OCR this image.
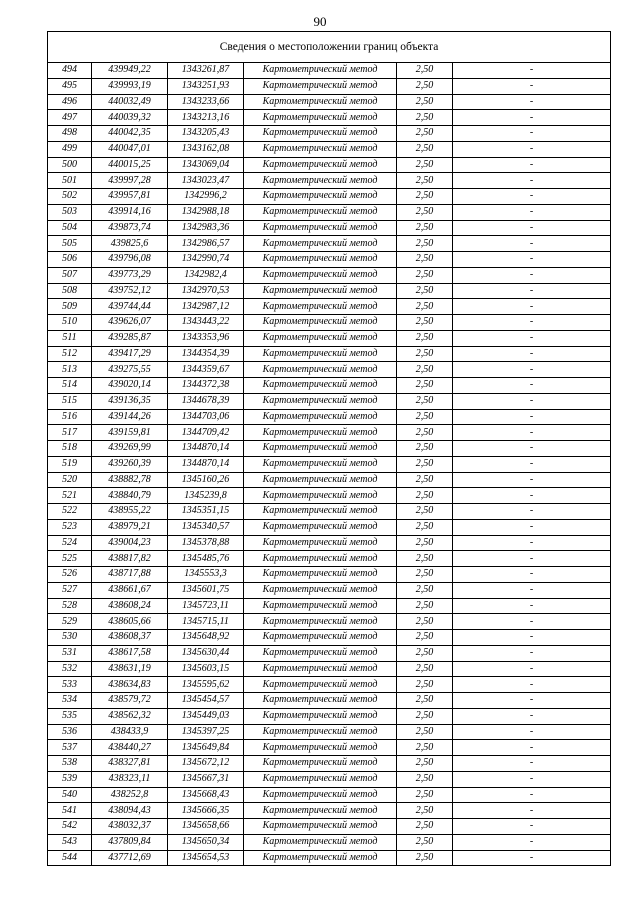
90
Сведения о местоположении границ объекта					
494	439949,22	1343261,87	Картометрический метод	2,50	-
495	439993,19	1343251,93	Картометрический метод	2,50	-
496	440032,49	1343233,66	Картометрический метод	2,50	-
497	440039,32	1343213,16	Картометрический метод	2,50	-
498	440042,35	1343205,43	Картометрический метод	2,50	-
499	440047,01	1343162,08	Картометрический метод	2,50	-
500	440015,25	1343069,04	Картометрический метод	2,50	-
501	439997,28	1343023,47	Картометрический метод	2,50	-
502	439957,81	1342996,2	Картометрический метод	2,50	-
503	439914,16	1342988,18	Картометрический метод	2,50	-
504	439873,74	1342983,36	Картометрический метод	2,50	-
505	439825,6	1342986,57	Картометрический метод	2,50	-
506	439796,08	1342990,74	Картометрический метод	2,50	-
507	439773,29	1342982,4	Картометрический метод	2,50	-
508	439752,12	1342970,53	Картометрический метод	2,50	-
509	439744,44	1342987,12	Картометрический метод	2,50	-
510	439626,07	1343443,22	Картометрический метод	2,50	-
511	439285,87	1343353,96	Картометрический метод	2,50	-
512	439417,29	1344354,39	Картометрический метод	2,50	-
513	439275,55	1344359,67	Картометрический метод	2,50	-
514	439020,14	1344372,38	Картометрический метод	2,50	-
515	439136,35	1344678,39	Картометрический метод	2,50	-
516	439144,26	1344703,06	Картометрический метод	2,50	-
517	439159,81	1344709,42	Картометрический метод	2,50	-
518	439269,99	1344870,14	Картометрический метод	2,50	-
519	439260,39	1344870,14	Картометрический метод	2,50	-
520	438882,78	1345160,26	Картометрический метод	2,50	-
521	438840,79	1345239,8	Картометрический метод	2,50	-
522	438955,22	1345351,15	Картометрический метод	2,50	-
523	438979,21	1345340,57	Картометрический метод	2,50	-
524	439004,23	1345378,88	Картометрический метод	2,50	-
525	438817,82	1345485,76	Картометрический метод	2,50	-
526	438717,88	1345553,3	Картометрический метод	2,50	-
527	438661,67	1345601,75	Картометрический метод	2,50	-
528	438608,24	1345723,11	Картометрический метод	2,50	-
529	438605,66	1345715,11	Картометрический метод	2,50	-
530	438608,37	1345648,92	Картометрический метод	2,50	-
531	438617,58	1345630,44	Картометрический метод	2,50	-
532	438631,19	1345603,15	Картометрический метод	2,50	-
533	438634,83	1345595,62	Картометрический метод	2,50	-
534	438579,72	1345454,57	Картометрический метод	2,50	-
535	438562,32	1345449,03	Картометрический метод	2,50	-
536	438433,9	1345397,25	Картометрический метод	2,50	-
537	438440,27	1345649,84	Картометрический метод	2,50	-
538	438327,81	1345672,12	Картометрический метод	2,50	-
539	438323,11	1345667,31	Картометрический метод	2,50	-
540	438252,8	1345668,43	Картометрический метод	2,50	-
541	438094,43	1345666,35	Картометрический метод	2,50	-
542	438032,37	1345658,66	Картометрический метод	2,50	-
543	437809,84	1345650,34	Картометрический метод	2,50	-
544	437712,69	1345654,53	Картометрический метод	2,50	-
